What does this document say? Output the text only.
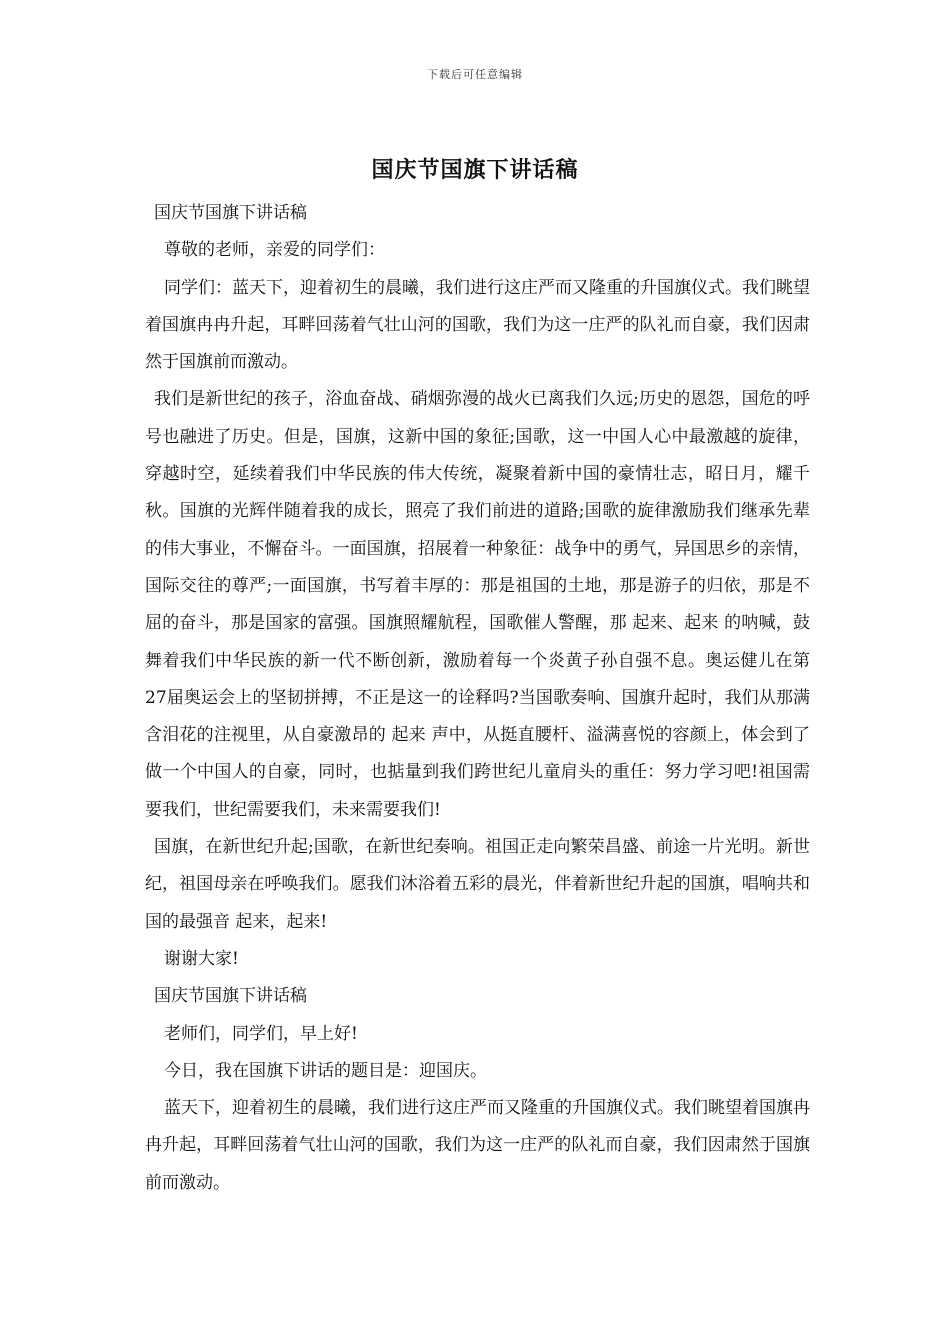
下载后可任意编辑
国庆节国旗下讲话稿

国庆节国旗下讲话稿

尊敬的老师，亲爱的同学们：

同学们：蓝天下，迎着初生的晨曦，我们进行这庄严而又隆重的升国旗仪式。我们眺望着国旗冉冉升起，耳畔回荡着气壮山河的国歌，我们为这一庄严的队礼而自豪，我们因肃然于国旗前而激动。

我们是新世纪的孩子，浴血奋战、硝烟弥漫的战火已离我们久远;历史的恩怨，国危的呼号也融进了历史。但是，国旗，这新中国的象征;国歌，这一中国人心中最激越的旋律，穿越时空，延续着我们中华民族的伟大传统，凝聚着新中国的豪情壮志，昭日月，耀千秋。国旗的光辉伴随着我的成长，照亮了我们前进的道路;国歌的旋律激励我们继承先辈的伟大事业，不懈奋斗。一面国旗，招展着一种象征：战争中的勇气，异国思乡的亲情，国际交往的尊严;一面国旗，书写着丰厚的：那是祖国的土地，那是游子的归依，那是不屈的奋斗，那是国家的富强。国旗照耀航程，国歌催人警醒，那 起来、起来 的呐喊，鼓舞着我们中华民族的新一代不断创新，激励着每一个炎黄子孙自强不息。奥运健儿在第27届奥运会上的坚韧拼搏，不正是这一的诠释吗?当国歌奏响、国旗升起时，我们从那满含泪花的注视里，从自豪激昂的 起来 声中，从挺直腰杆、溢满喜悦的容颜上，体会到了做一个中国人的自豪，同时，也掂量到我们跨世纪儿童肩头的重任：努力学习吧!祖国需要我们，世纪需要我们，未来需要我们!

国旗，在新世纪升起;国歌，在新世纪奏响。祖国正走向繁荣昌盛、前途一片光明。新世纪，祖国母亲在呼唤我们。愿我们沐浴着五彩的晨光，伴着新世纪升起的国旗，唱响共和国的最强音 起来，起来!

谢谢大家!

国庆节国旗下讲话稿

老师们，同学们，早上好!

今日，我在国旗下讲话的题目是：迎国庆。

蓝天下，迎着初生的晨曦，我们进行这庄严而又隆重的升国旗仪式。我们眺望着国旗冉冉升起，耳畔回荡着气壮山河的国歌，我们为这一庄严的队礼而自豪，我们因肃然于国旗前而激动。
